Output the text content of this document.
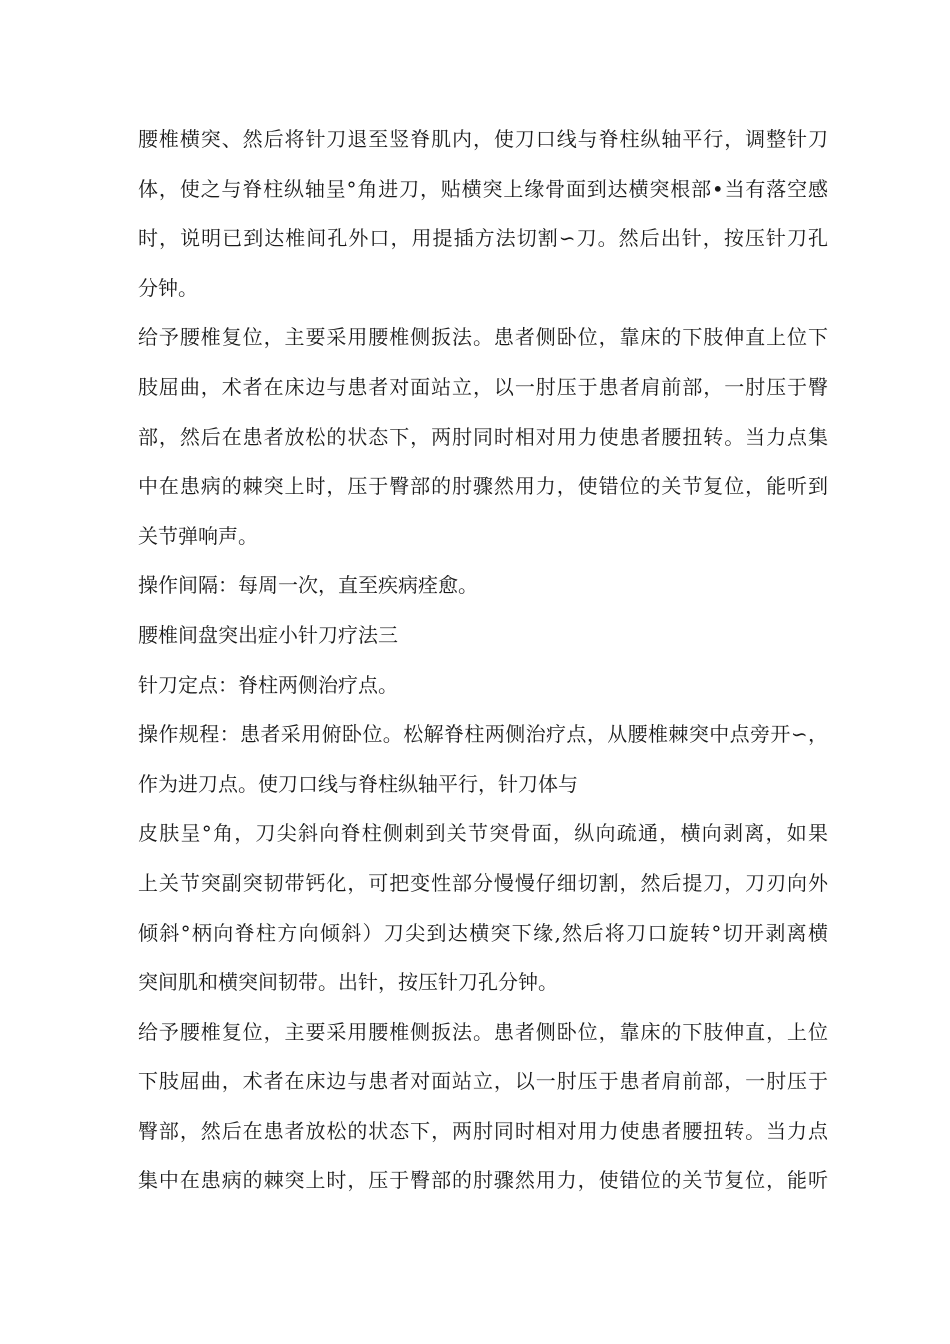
腰椎横突、然后将针刀退至竖脊肌内，使刀口线与脊柱纵轴平行，调整针刀
体，使之与脊柱纵轴呈°角进刀，贴横突上缘骨面到达横突根部•当有落空感
时，说明已到达椎间孔外口，用提插方法切割∽刀。然后出针，按压针刀孔
分钟。
给予腰椎复位，主要采用腰椎侧扳法。患者侧卧位，靠床的下肢伸直上位下
肢屈曲，术者在床边与患者对面站立，以一肘压于患者肩前部，一肘压于臀
部，然后在患者放松的状态下，两肘同时相对用力使患者腰扭转。当力点集
中在患病的棘突上时，压于臀部的肘骤然用力，使错位的关节复位，能听到
关节弹响声。
操作间隔：每周一次，直至疾病痊愈。
腰椎间盘突出症小针刀疗法三
针刀定点：脊柱两侧治疗点。
操作规程：患者采用俯卧位。松解脊柱两侧治疗点，从腰椎棘突中点旁开∽，
作为进刀点。使刀口线与脊柱纵轴平行，针刀体与
皮肤呈°角，刀尖斜向脊柱侧刺到关节突骨面，纵向疏通，横向剥离，如果
上关节突副突韧带钙化，可把变性部分慢慢仔细切割，然后提刀，刀刃向外
倾斜°柄向脊柱方向倾斜）刀尖到达横突下缘,然后将刀口旋转°切开剥离横
突间肌和横突间韧带。出针，按压针刀孔分钟。
给予腰椎复位，主要采用腰椎侧扳法。患者侧卧位，靠床的下肢伸直，上位
下肢屈曲，术者在床边与患者对面站立，以一肘压于患者肩前部，一肘压于
臀部，然后在患者放松的状态下，两肘同时相对用力使患者腰扭转。当力点
集中在患病的棘突上时，压于臀部的肘骤然用力，使错位的关节复位，能听
